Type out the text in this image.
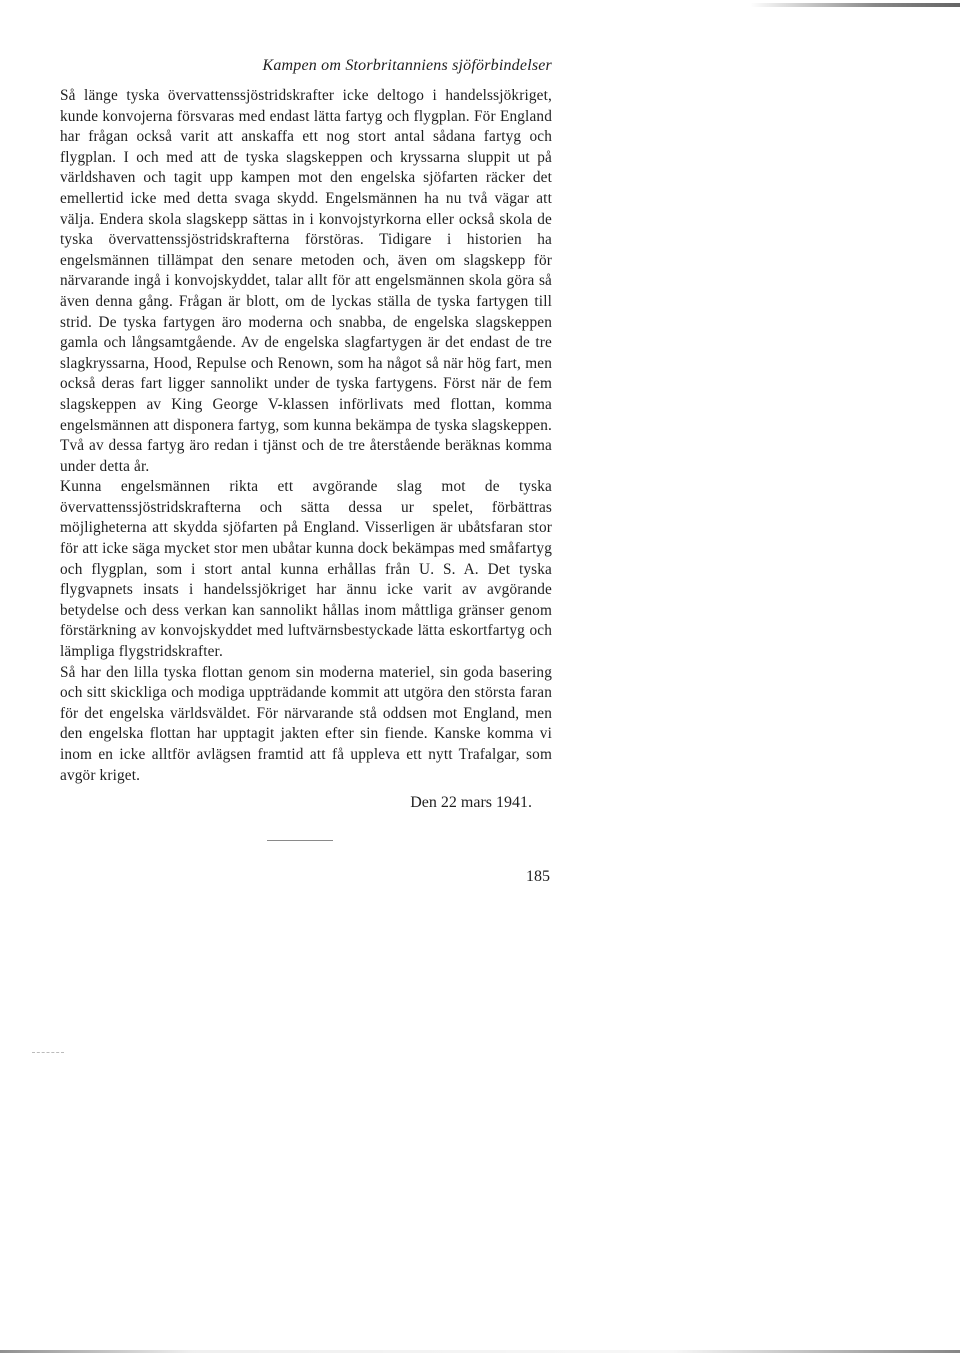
Kampen om Storbritanniens sjöförbindelser

Så länge tyska övervattenssjöstridskrafter icke deltogo i handelssjökriget, kunde konvojerna försvaras med endast lätta fartyg och flygplan. För England har frågan också varit att anskaffa ett nog stort antal sådana fartyg och flygplan. I och med att de tyska slagskeppen och kryssarna sluppit ut på världshaven och tagit upp kampen mot den engelska sjöfarten räcker det emellertid icke med detta svaga skydd. Engelsmännen ha nu två vägar att välja. Endera skola slagskepp sättas in i konvojstyrkorna eller också skola de tyska övervattenssjöstridskrafterna förstöras. Tidigare i historien ha engelsmännen tillämpat den senare metoden och, även om slagskepp för närvarande ingå i konvojskyddet, talar allt för att engelsmännen skola göra så även denna gång. Frågan är blott, om de lyckas ställa de tyska fartygen till strid. De tyska fartygen äro moderna och snabba, de engelska slagskeppen gamla och långsamtgående. Av de engelska slagfartygen är det endast de tre slagkryssarna, Hood, Repulse och Renown, som ha något så när hög fart, men också deras fart ligger sannolikt under de tyska fartygens. Först när de fem slagskeppen av King George V-klassen införlivats med flottan, komma engelsmännen att disponera fartyg, som kunna bekämpa de tyska slagskeppen. Två av dessa fartyg äro redan i tjänst och de tre återstående beräknas komma under detta år.

Kunna engelsmännen rikta ett avgörande slag mot de tyska övervattenssjöstridskrafterna och sätta dessa ur spelet, förbättras möjligheterna att skydda sjöfarten på England. Visserligen är ubåtsfaran stor för att icke säga mycket stor men ubåtar kunna dock bekämpas med småfartyg och flygplan, som i stort antal kunna erhållas från U. S. A. Det tyska flygvapnets insats i handelssjökriget har ännu icke varit av avgörande betydelse och dess verkan kan sannolikt hållas inom måttliga gränser genom förstärkning av konvojskyddet med luftvärnsbestyckade lätta eskortfartyg och lämpliga flygstridskrafter.

Så har den lilla tyska flottan genom sin moderna materiel, sin goda basering och sitt skickliga och modiga uppträdande kommit att utgöra den största faran för det engelska världsväldet. För närvarande stå oddsen mot England, men den engelska flottan har upptagit jakten efter sin fiende. Kanske komma vi inom en icke alltför avlägsen framtid att få uppleva ett nytt Trafalgar, som avgör kriget.

Den 22 mars 1941.
185
